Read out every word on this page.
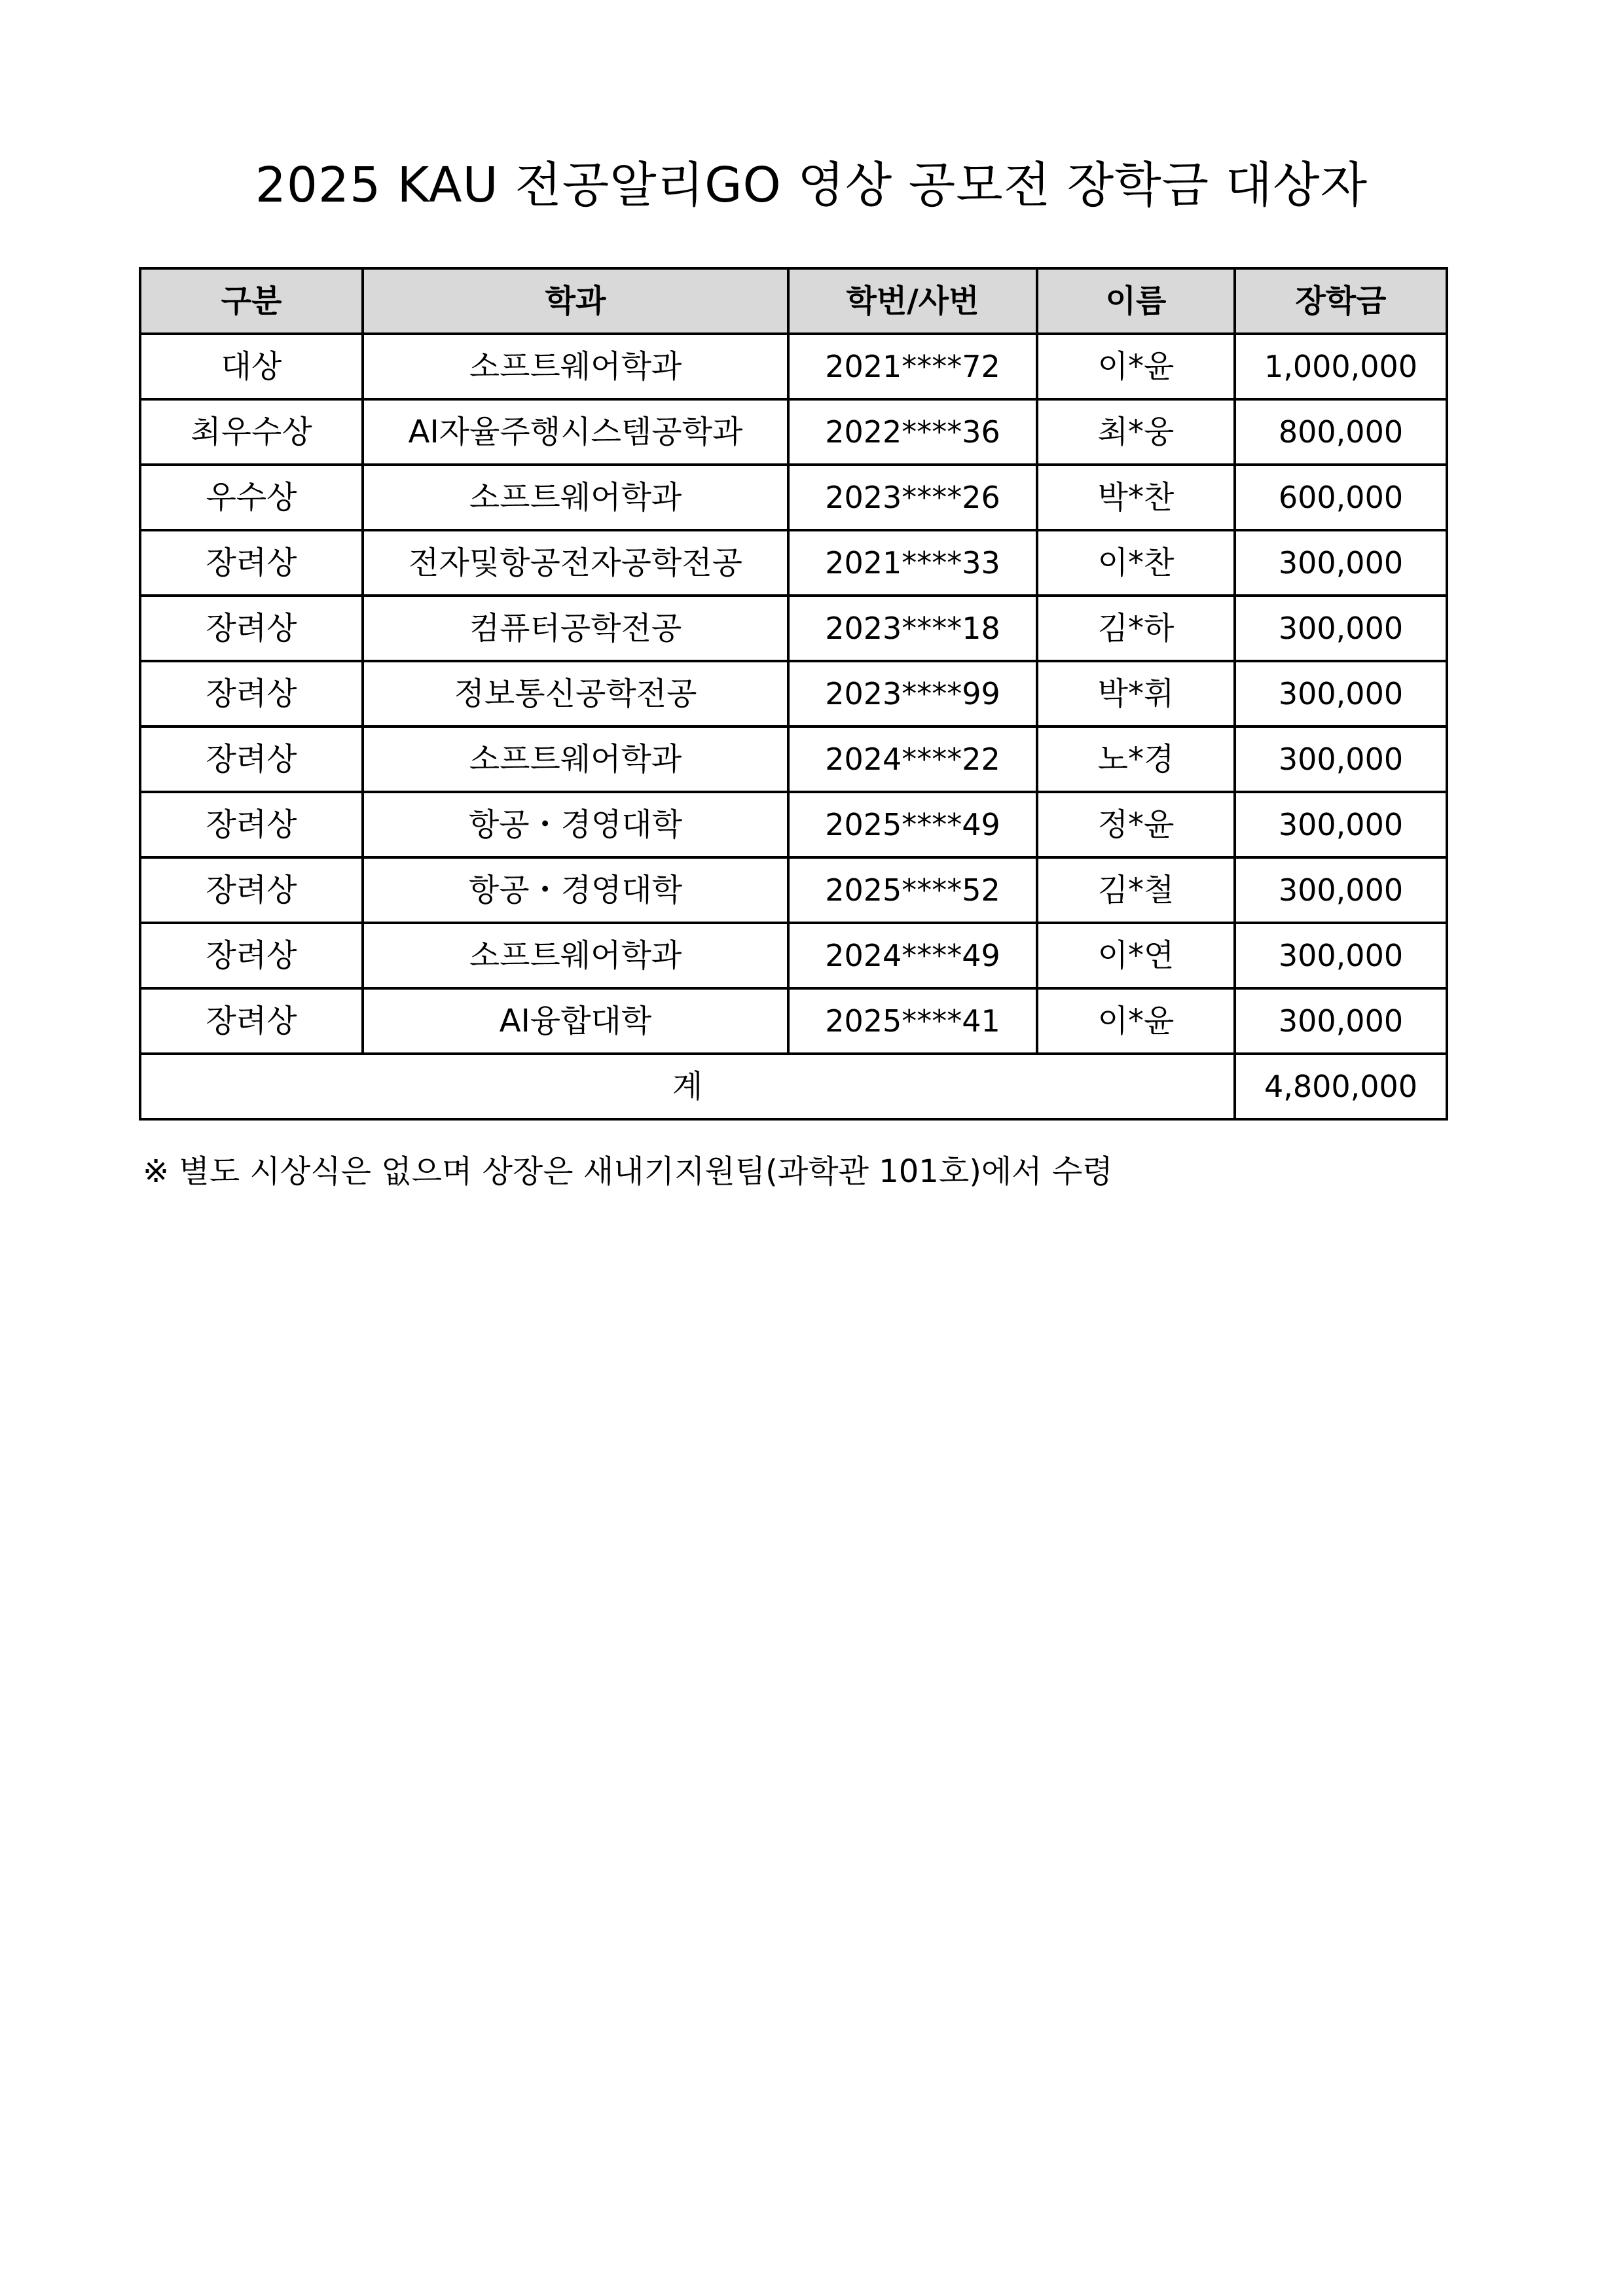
2025 KAU 전공알리GO 영상 공모전 장학금 대상자
구분	학과	학번/사번	이름	장학금
대상	소프트웨어학과	2021****72	이*윤	1,000,000
최우수상	AI자율주행시스템공학과	2022****36	최*웅	800,000
우수상	소프트웨어학과	2023****26	박*찬	600,000
장려상	전자및항공전자공학전공	2021****33	이*찬	300,000
장려상	컴퓨터공학전공	2023****18	김*하	300,000
장려상	정보통신공학전공	2023****99	박*휘	300,000
장려상	소프트웨어학과	2024****22	노*경	300,000
장려상	항공・경영대학	2025****49	정*윤	300,000
장려상	항공・경영대학	2025****52	김*철	300,000
장려상	소프트웨어학과	2024****49	이*연	300,000
장려상	AI융합대학	2025****41	이*윤	300,000
계				4,800,000

※ 별도 시상식은 없으며 상장은 새내기지원팀(과학관 101호)에서 수령
